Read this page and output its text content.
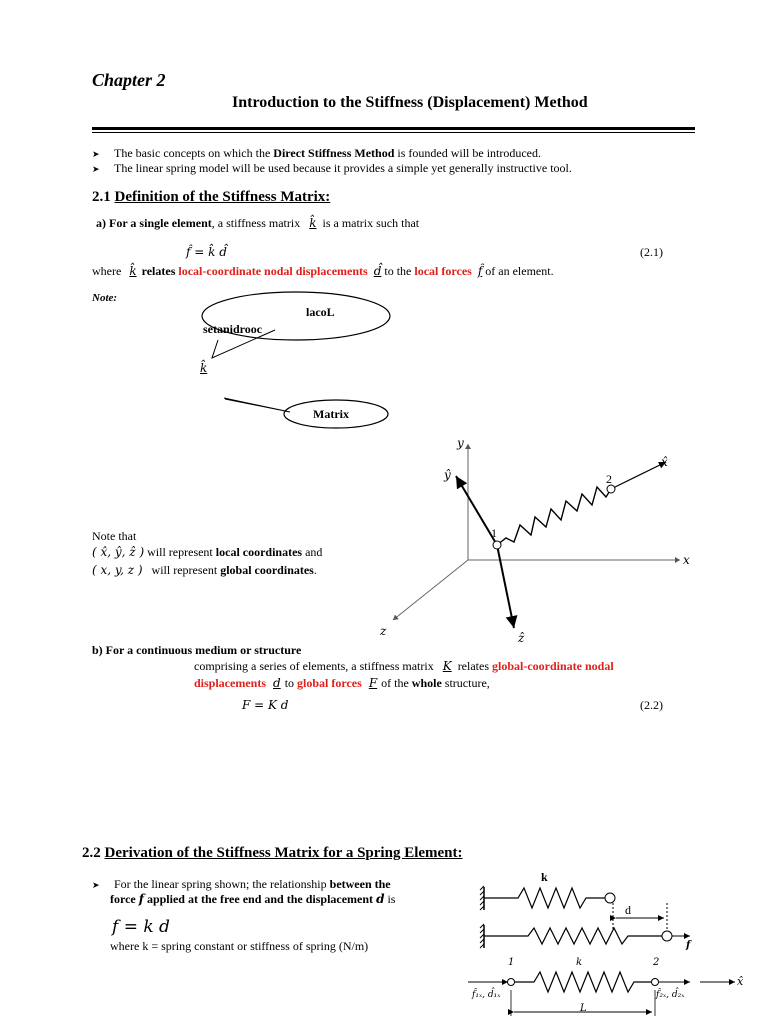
Chapter 2
Introduction to the Stiffness (Displacement) Method
➤ The basic concepts on which the Direct Stiffness Method is founded will be introduced.
➤ The linear spring model will be used because it provides a simple yet generally instructive tool.
2.1 Definition of the Stiffness Matrix:
a) For a single element, a stiffness matrix k̂ is a matrix such that
f̂ = k̂ d̂	(2.1)
where k̂ relates local-coordinate nodal displacements d̂ to the local forces f̂ of an element.
Note:
lacoL
setanidrooc
k̂
Matrix
y
x
z
ŷ
x̂
ẑ
1
2
Note that
( x̂, ŷ, ẑ ) will represent local coordinates and
( x, y, z ) will represent global coordinates.
b) For a continuous medium or structure
comprising a series of elements, a stiffness matrix K relates global-coordinate nodal
displacements d to global forces F of the whole structure,
F = K d	(2.2)
2.2 Derivation of the Stiffness Matrix for a Spring Element:
➤ For the linear spring shown; the relationship between the
force f applied at the free end and the displacement d is
f = k d
where k = spring constant or stiffness of spring (N/m)
k
d
f
1	k	2
x̂
f̂₁ₓ, d̂₁ₓ	f̂₂ₓ, d̂₂ₓ
L
